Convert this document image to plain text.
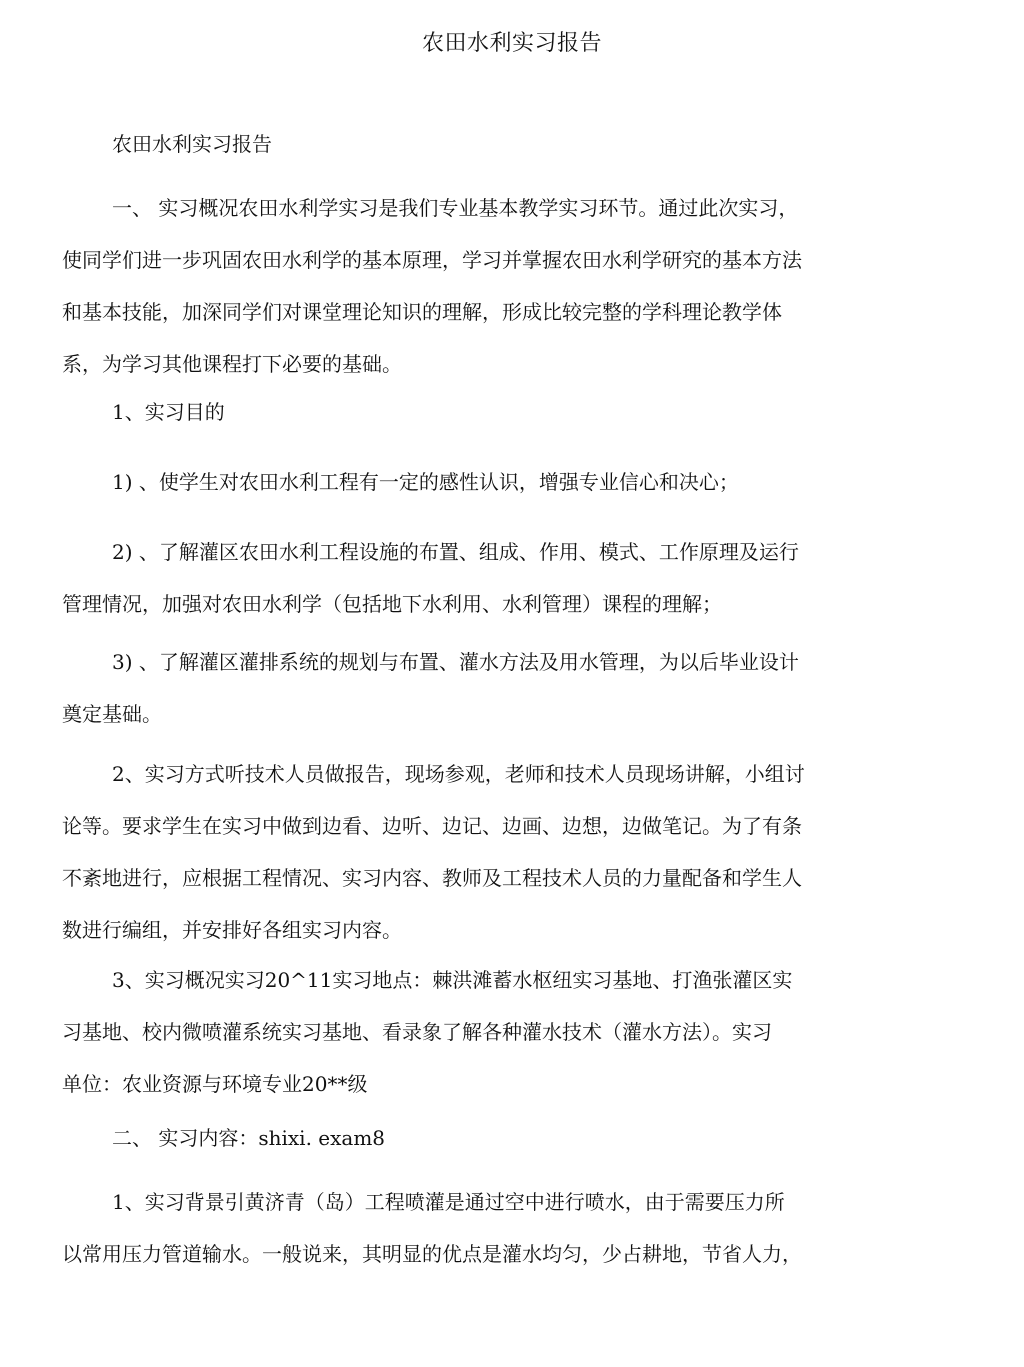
农田水利实习报告
农田水利实习报告
一、 实习概况农田水利学实习是我们专业基本教学实习环节。通过此次实习，
使同学们进一步巩固农田水利学的基本原理，学习并掌握农田水利学研究的基本方法
和基本技能，加深同学们对课堂理论知识的理解，形成比较完整的学科理论教学体
系，为学习其他课程打下必要的基础。
1、实习目的
1) 、使学生对农田水利工程有一定的感性认识，增强专业信心和决心；
2) 、了解灌区农田水利工程设施的布置、组成、作用、模式、工作原理及运行
管理情况，加强对农田水利学（包括地下水利用、水利管理）课程的理解；
3) 、了解灌区灌排系统的规划与布置、灌水方法及用水管理，为以后毕业设计
奠定基础。
2、实习方式听技术人员做报告，现场参观，老师和技术人员现场讲解，小组讨
论等。要求学生在实习中做到边看、边听、边记、边画、边想，边做笔记。为了有条
不紊地进行，应根据工程情况、实习内容、教师及工程技术人员的力量配备和学生人
数进行编组，并安排好各组实习内容。
3、实习概况实习20^11实习地点：棘洪滩蓄水枢纽实习基地、打渔张灌区实
习基地、校内微喷灌系统实习基地、看录象了解各种灌水技术（灌水方法）。实习
单位：农业资源与环境专业20**级
二、 实习内容：shixi. exam8
1、实习背景引黄济青（岛）工程喷灌是通过空中进行喷水，由于需要压力所
以常用压力管道输水。一般说来，其明显的优点是灌水均匀，少占耕地，节省人力，
